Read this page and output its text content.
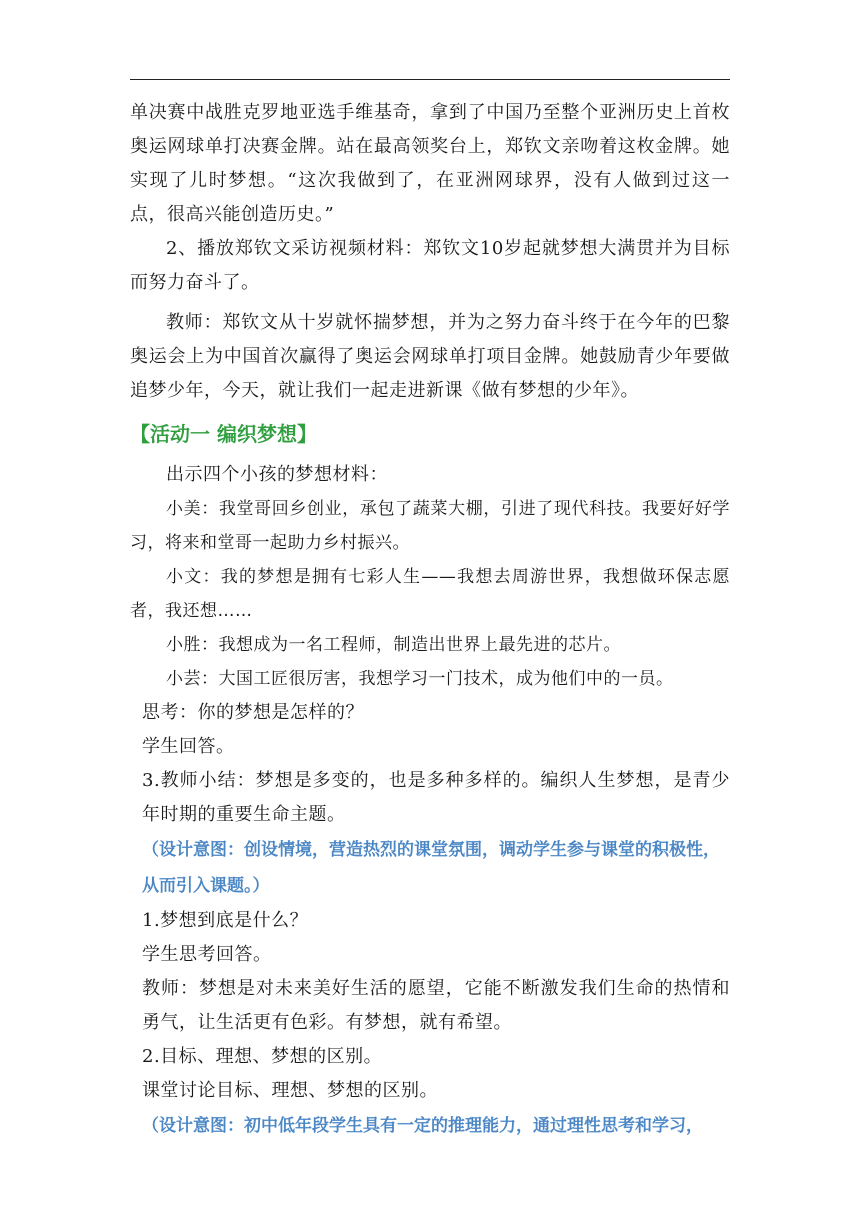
单决赛中战胜克罗地亚选手维基奇，拿到了中国乃至整个亚洲历史上首枚奥运网球单打决赛金牌。站在最高领奖台上，郑钦文亲吻着这枚金牌。她实现了儿时梦想。“这次我做到了，在亚洲网球界，没有人做到过这一点，很高兴能创造历史。”

2、播放郑钦文采访视频材料：郑钦文10岁起就梦想大满贯并为目标而努力奋斗了。

教师：郑钦文从十岁就怀揣梦想，并为之努力奋斗终于在今年的巴黎奥运会上为中国首次赢得了奥运会网球单打项目金牌。她鼓励青少年要做追梦少年，今天，就让我们一起走进新课《做有梦想的少年》。

【活动一 编织梦想】

出示四个小孩的梦想材料：

小美：我堂哥回乡创业，承包了蔬菜大棚，引进了现代科技。我要好好学习，将来和堂哥一起助力乡村振兴。

小文：我的梦想是拥有七彩人生——我想去周游世界，我想做环保志愿者，我还想……

小胜：我想成为一名工程师，制造出世界上最先进的芯片。

小芸：大国工匠很厉害，我想学习一门技术，成为他们中的一员。

思考：你的梦想是怎样的？

学生回答。

3.教师小结：梦想是多变的，也是多种多样的。编织人生梦想，是青少年时期的重要生命主题。

（设计意图：创设情境，营造热烈的课堂氛围，调动学生参与课堂的积极性，从而引入课题。）

1.梦想到底是什么？

学生思考回答。

教师：梦想是对未来美好生活的愿望，它能不断激发我们生命的热情和勇气，让生活更有色彩。有梦想，就有希望。

2.目标、理想、梦想的区别。

课堂讨论目标、理想、梦想的区别。

（设计意图：初中低年段学生具有一定的推理能力，通过理性思考和学习，
